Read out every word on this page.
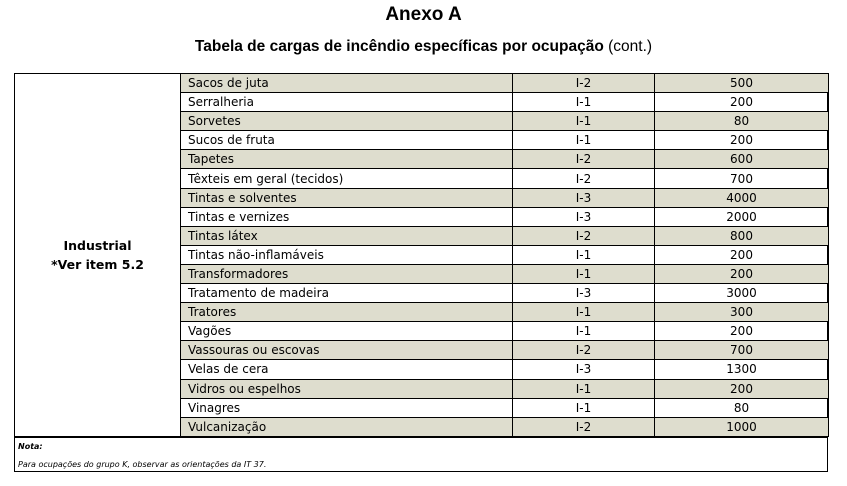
Anexo A
Tabela de cargas de incêndio específicas por ocupação (cont.)
Industrial
*Ver item 5.2	Sacos de juta	I-2	500
	Serralheria	I-1	200
	Sorvetes	I-1	80
	Sucos de fruta	I-1	200
	Tapetes	I-2	600
	Têxteis em geral (tecidos)	I-2	700
	Tintas e solventes	I-3	4000
	Tintas e vernizes	I-3	2000
	Tintas látex	I-2	800
	Tintas não-inflamáveis	I-1	200
	Transformadores	I-1	200
	Tratamento de madeira	I-3	3000
	Tratores	I-1	300
	Vagões	I-1	200
	Vassouras ou escovas	I-2	700
	Velas de cera	I-3	1300
	Vidros ou espelhos	I-1	200
	Vinagres	I-1	80
	Vulcanização	I-2	1000
Nota:
Para ocupações do grupo K, observar as orientações da IT 37.
